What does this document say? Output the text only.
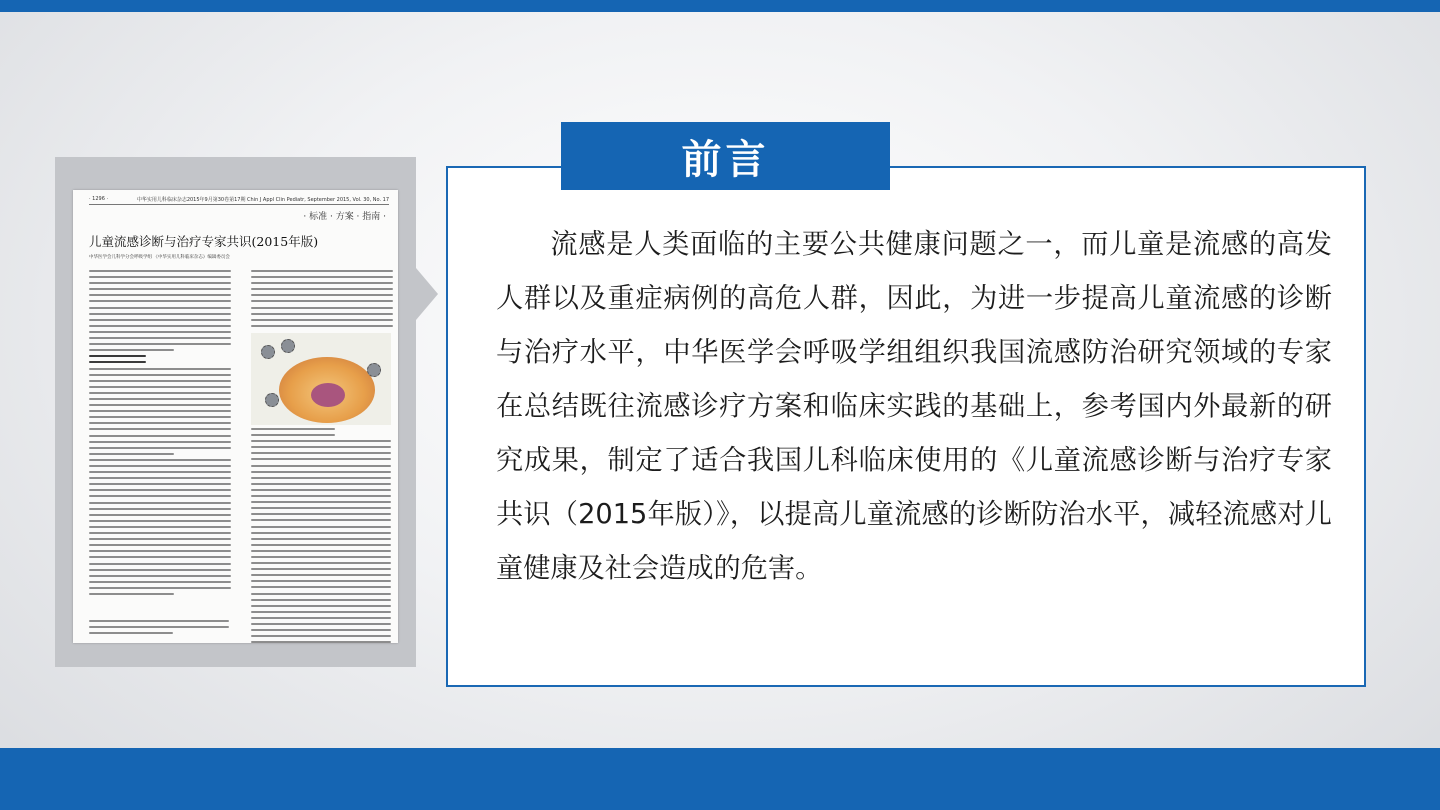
· 1296 ·	中华实用儿科临床杂志2015年9月第30卷第17期 Chin J Appl Clin Pediatr, September 2015, Vol. 30, No. 17
· 标准 · 方案 · 指南 ·
儿童流感诊断与治疗专家共识(2015年版)
中华医学会儿科学分会呼吸学组 《中华实用儿科临床杂志》编辑委员会
前言

流感是人类面临的主要公共健康问题之一，而儿童是流感的高发人群以及重症病例的高危人群，因此，为进一步提高儿童流感的诊断与治疗水平，中华医学会呼吸学组组织我国流感防治研究领域的专家在总结既往流感诊疗方案和临床实践的基础上，参考国内外最新的研究成果，制定了适合我国儿科临床使用的《儿童流感诊断与治疗专家共识（2015年版）》，以提高儿童流感的诊断防治水平，减轻流感对儿童健康及社会造成的危害。
